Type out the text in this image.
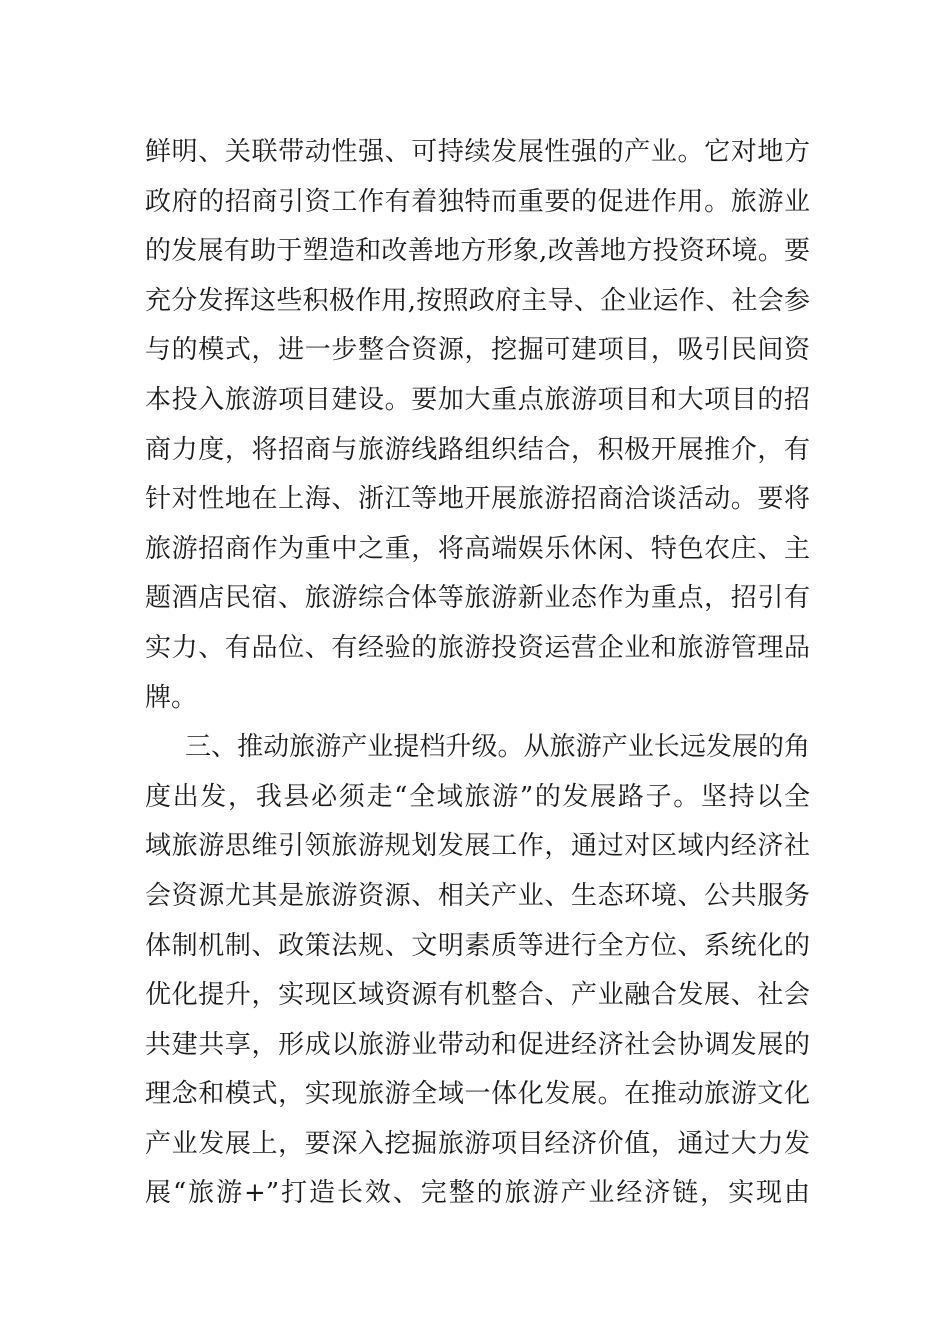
鲜明、关联带动性强、可持续发展性强的产业。它对地方
政府的招商引资工作有着独特而重要的促进作用。旅游业
的发展有助于塑造和改善地方形象,改善地方投资环境。要
充分发挥这些积极作用,按照政府主导、企业运作、社会参
与的模式，进一步整合资源，挖掘可建项目，吸引民间资
本投入旅游项目建设。要加大重点旅游项目和大项目的招
商力度，将招商与旅游线路组织结合，积极开展推介，有
针对性地在上海、浙江等地开展旅游招商洽谈活动。要将
旅游招商作为重中之重，将高端娱乐休闲、特色农庄、主
题酒店民宿、旅游综合体等旅游新业态作为重点，招引有
实力、有品位、有经验的旅游投资运营企业和旅游管理品
牌。
三、推动旅游产业提档升级。从旅游产业长远发展的角
度出发，我县必须走“全域旅游”的发展路子。坚持以全
域旅游思维引领旅游规划发展工作，通过对区域内经济社
会资源尤其是旅游资源、相关产业、生态环境、公共服务
体制机制、政策法规、文明素质等进行全方位、系统化的
优化提升，实现区域资源有机整合、产业融合发展、社会
共建共享，形成以旅游业带动和促进经济社会协调发展的
理念和模式，实现旅游全域一体化发展。在推动旅游文化
产业发展上，要深入挖掘旅游项目经济价值，通过大力发
展“旅游+”打造长效、完整的旅游产业经济链，实现由
